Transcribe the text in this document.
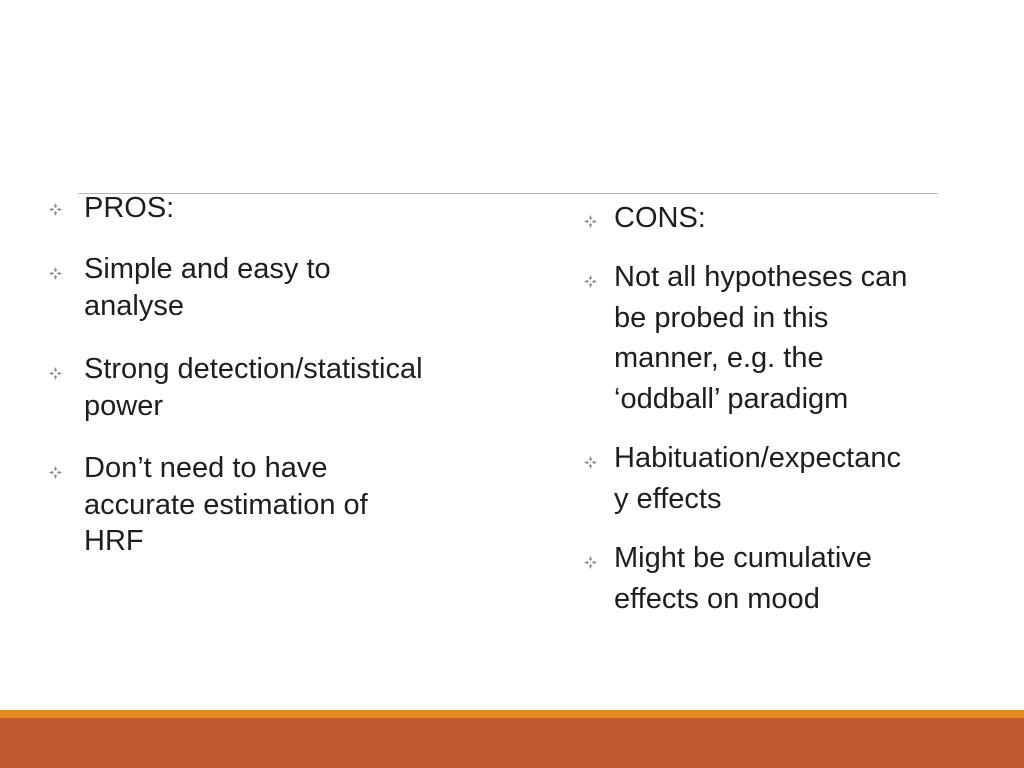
PROS:
Simple and easy to
analyse
Strong detection/statistical
power
Don’t need to have
accurate estimation of
HRF
CONS:
Not all hypotheses can
be probed in this
manner, e.g. the
‘oddball’ paradigm
Habituation/expectanc
y effects
Might be cumulative
effects on mood
